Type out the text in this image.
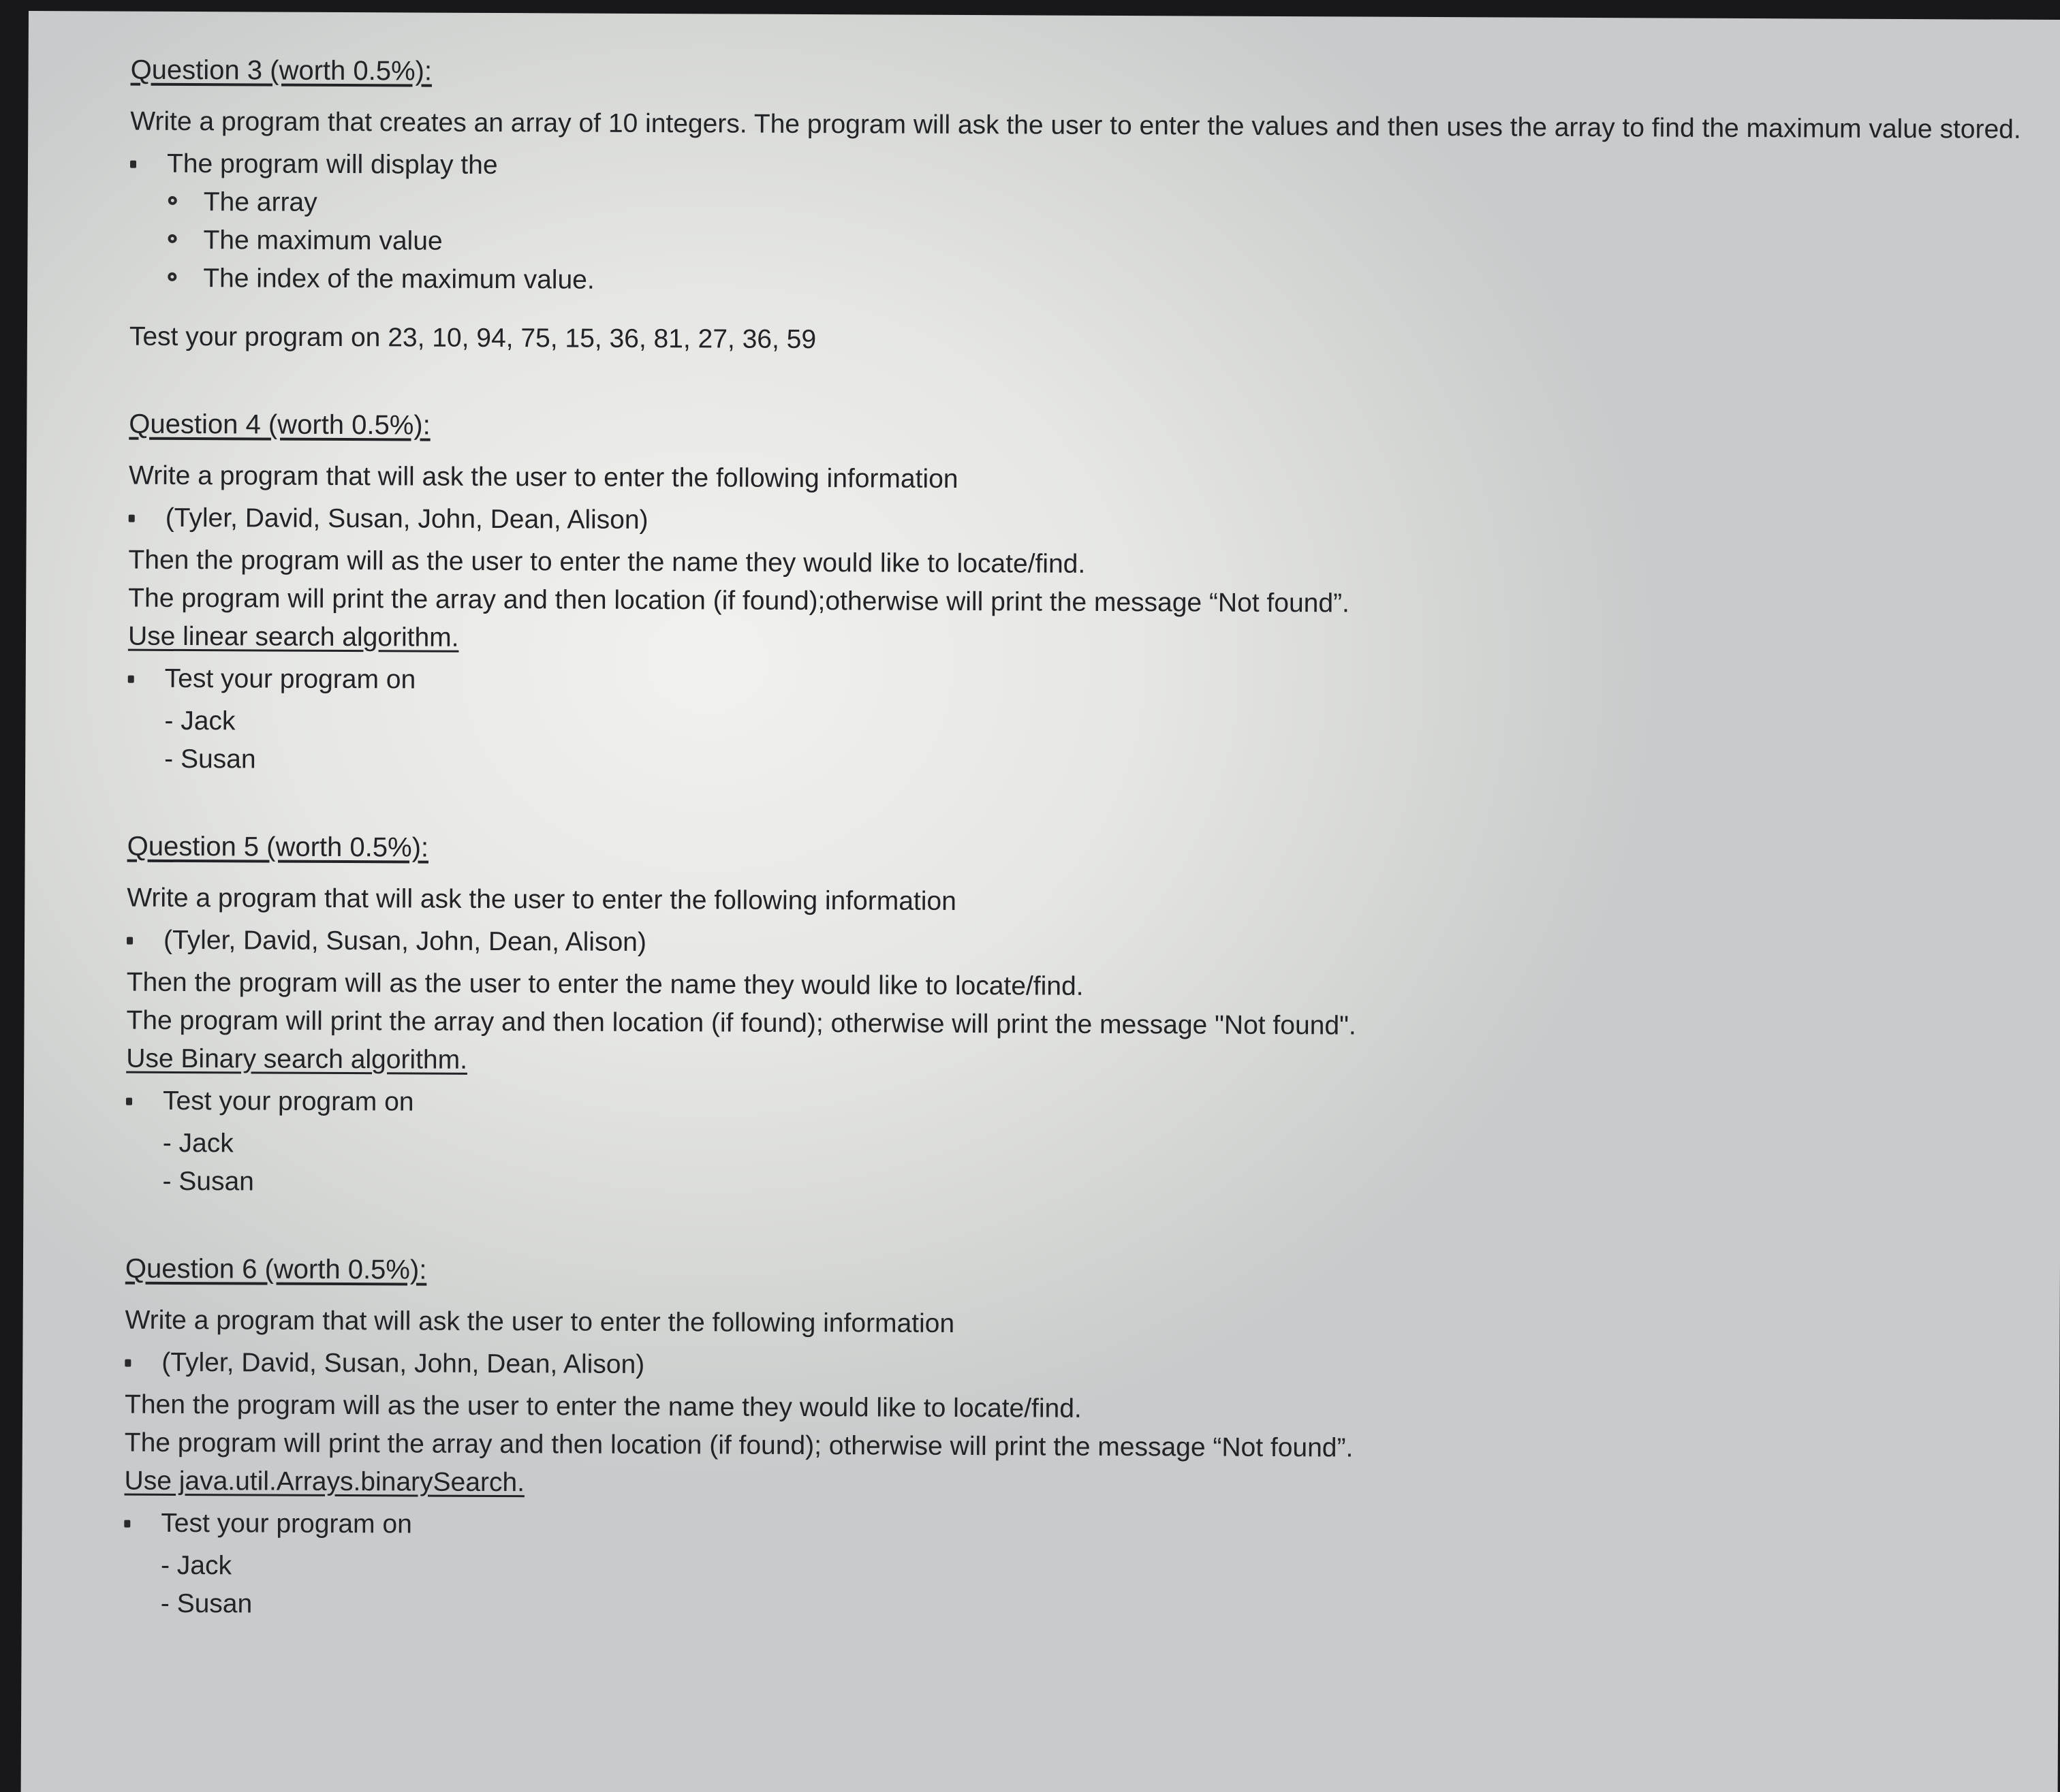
Question 3 (worth 0.5%):

Write a program that creates an array of 10 integers. The program will ask the user to enter the values and then uses the array to find the maximum value stored.

The program will display the
The array
The maximum value
The index of the maximum value.

Test your program on 23, 10, 94, 75, 15, 36, 81, 27, 36, 59

Question 4 (worth 0.5%):

Write a program that will ask the user to enter the following information

(Tyler, David, Susan, John, Dean, Alison)

Then the program will as the user to enter the name they would like to locate/find.

The program will print the array and then location (if found);otherwise will print the message “Not found”.

Use linear search algorithm.

Test your program on
- Jack
- Susan

Question 5 (worth 0.5%):

Write a program that will ask the user to enter the following information

(Tyler, David, Susan, John, Dean, Alison)

Then the program will as the user to enter the name they would like to locate/find.

The program will print the array and then location (if found); otherwise will print the message "Not found".

Use Binary search algorithm.

Test your program on
- Jack
- Susan

Question 6 (worth 0.5%):

Write a program that will ask the user to enter the following information

(Tyler, David, Susan, John, Dean, Alison)

Then the program will as the user to enter the name they would like to locate/find.

The program will print the array and then location (if found); otherwise will print the message “Not found”.

Use java.util.Arrays.binarySearch.

Test your program on
- Jack
- Susan
